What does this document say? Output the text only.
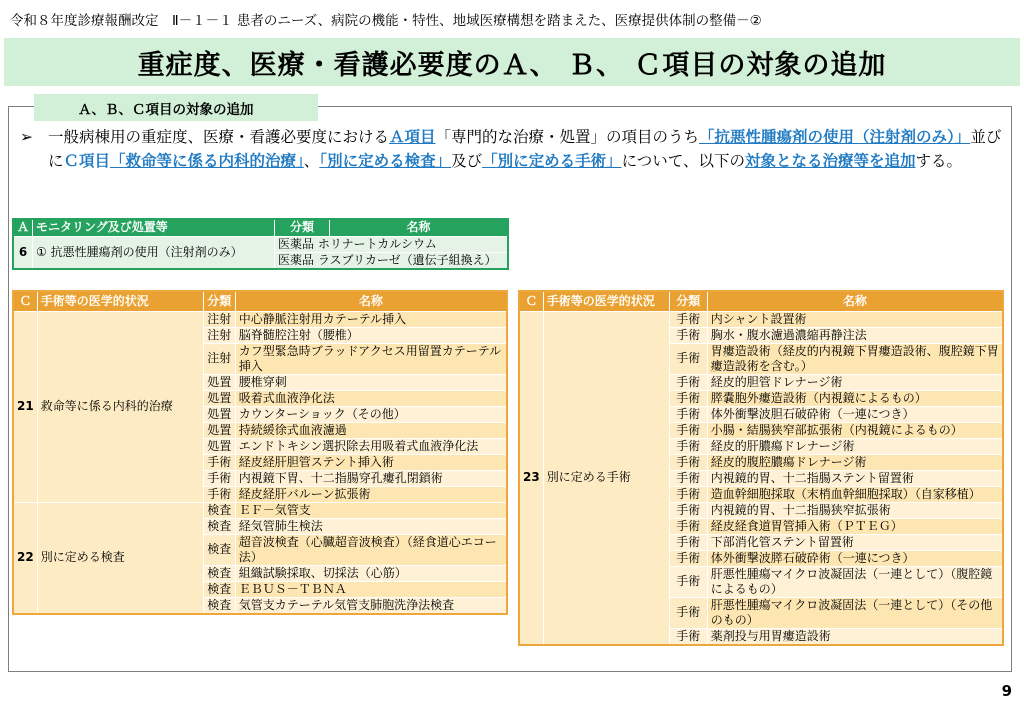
令和８年度診療報酬改定　Ⅱ－１－１ 患者のニーズ、病院の機能・特性、地域医療構想を踏まえた、医療提供体制の整備－②
重症度、医療・看護必要度のＡ、 Ｂ、 Ｃ項目の対象の追加
Ａ、Ｂ、Ｃ項目の対象の追加
➢ 一般病棟用の重症度、医療・看護必要度におけるＡ項目「専門的な治療・処置」の項目のうち「抗悪性腫瘍剤の使用（注射剤のみ）」並びにＣ項目「救命等に係る内科的治療」、「別に定める検査」及び「別に定める手術」について、以下の対象となる治療等を追加する。
Ａ	モニタリング及び処置等	分類	名称
6	① 抗悪性腫瘍剤の使用（注射剤のみ）	医薬品 ホリナートカルシウム	
		医薬品 ラスブリカーゼ（遺伝子組換え）	
Ｃ	手術等の医学的状況	分類	名称
21	救命等に係る内科的治療	注射	中心静脈注射用カテーテル挿入
		注射	脳脊髄腔注射（腰椎）
		注射	カフ型緊急時ブラッドアクセス用留置カテーテル挿入
		処置	腰椎穿刺
		処置	吸着式血液浄化法
		処置	カウンターショック（その他）
		処置	持続緩徐式血液濾過
		処置	エンドトキシン選択除去用吸着式血液浄化法
		手術	経皮経肝胆管ステント挿入術
		手術	内視鏡下胃、十二指腸穿孔瘻孔閉鎖術
		手術	経皮経肝バルーン拡張術
22	別に定める検査	検査	ＥＦ－気管支
		検査	経気管肺生検法
		検査	超音波検査（心臓超音波検査）（経食道心エコー法）
		検査	組織試験採取、切採法（心筋）
		検査	ＥＢＵＳ－ＴＢＮＡ
		検査	気管支カテーテル気管支肺胞洗浄法検査
Ｃ	手術等の医学的状況	分類	名称
23	別に定める手術	手術	内シャント設置術
		手術	胸水・腹水濾過濃縮再静注法
		手術	胃瘻造設術（経皮的内視鏡下胃瘻造設術、腹腔鏡下胃瘻造設術を含む。）
		手術	経皮的胆管ドレナージ術
		手術	膵嚢胞外瘻造設術（内視鏡によるもの）
		手術	体外衝撃波胆石破砕術（一連につき）
		手術	小腸・結腸狭窄部拡張術（内視鏡によるもの）
		手術	経皮的肝膿瘍ドレナージ術
		手術	経皮的腹腔膿瘍ドレナージ術
		手術	内視鏡的胃、十二指腸ステント留置術
		手術	造血幹細胞採取（末梢血幹細胞採取）（自家移植）
		手術	内視鏡的胃、十二指腸狭窄拡張術
		手術	経皮経食道胃管挿入術（ＰＴＥＧ）
		手術	下部消化管ステント留置術
		手術	体外衝撃波膵石破砕術（一連につき）
		手術	肝悪性腫瘍マイクロ波凝固法（一連として）（腹腔鏡によるもの）
		手術	肝悪性腫瘍マイクロ波凝固法（一連として）（その他のもの）
		手術	薬剤投与用胃瘻造設術
9
